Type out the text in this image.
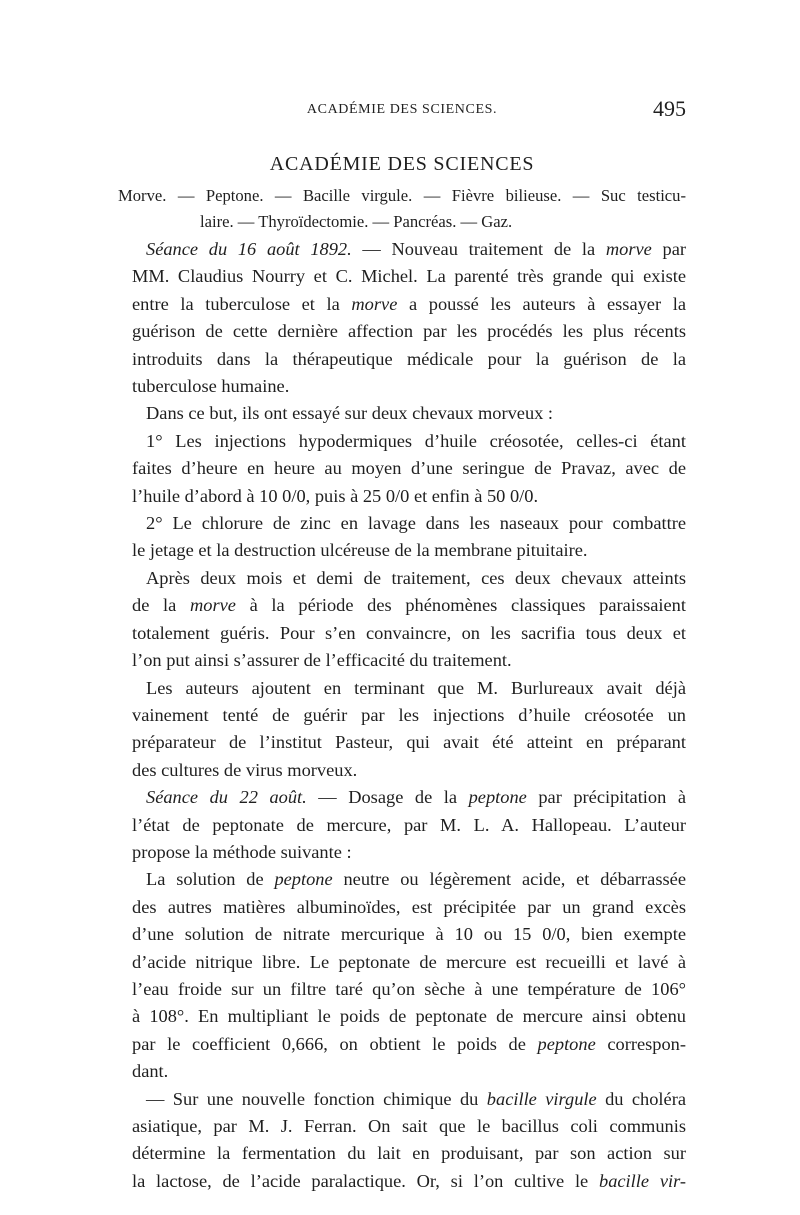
ACADÉMIE DES SCIENCES.	495
ACADÉMIE DES SCIENCES
Morve. — Peptone. — Bacille virgule. — Fièvre bilieuse. — Suc testicu-
laire. — Thyroïdectomie. — Pancréas. — Gaz.

Séance du 16 août 1892. — Nouveau traitement de la morve par
MM. Claudius Nourry et C. Michel. La parenté très grande qui existe
entre la tuberculose et la morve a poussé les auteurs à essayer la
guérison de cette dernière affection par les procédés les plus récents
introduits dans la thérapeutique médicale pour la guérison de la
tuberculose humaine.

Dans ce but, ils ont essayé sur deux chevaux morveux :

1° Les injections hypodermiques d’huile créosotée, celles-ci étant
faites d’heure en heure au moyen d’une seringue de Pravaz, avec de
l’huile d’abord à 10 0/0, puis à 25 0/0 et enfin à 50 0/0.

2° Le chlorure de zinc en lavage dans les naseaux pour combattre
le jetage et la destruction ulcéreuse de la membrane pituitaire.

Après deux mois et demi de traitement, ces deux chevaux atteints
de la morve à la période des phénomènes classiques paraissaient
totalement guéris. Pour s’en convaincre, on les sacrifia tous deux et
l’on put ainsi s’assurer de l’efficacité du traitement.

Les auteurs ajoutent en terminant que M. Burlureaux avait déjà
vainement tenté de guérir par les injections d’huile créosotée un
préparateur de l’institut Pasteur, qui avait été atteint en préparant
des cultures de virus morveux.

Séance du 22 août. — Dosage de la peptone par précipitation à
l’état de peptonate de mercure, par M. L. A. Hallopeau. L’auteur
propose la méthode suivante :

La solution de peptone neutre ou légèrement acide, et débarrassée
des autres matières albuminoïdes, est précipitée par un grand excès
d’une solution de nitrate mercurique à 10 ou 15 0/0, bien exempte
d’acide nitrique libre. Le peptonate de mercure est recueilli et lavé à
l’eau froide sur un filtre taré qu’on sèche à une température de 106°
à 108°. En multipliant le poids de peptonate de mercure ainsi obtenu
par le coefficient 0,666, on obtient le poids de peptone correspon-
dant.

— Sur une nouvelle fonction chimique du bacille virgule du choléra
asiatique, par M. J. Ferran. On sait que le bacillus coli communis
détermine la fermentation du lait en produisant, par son action sur
la lactose, de l’acide paralactique. Or, si l’on cultive le bacille vir-
